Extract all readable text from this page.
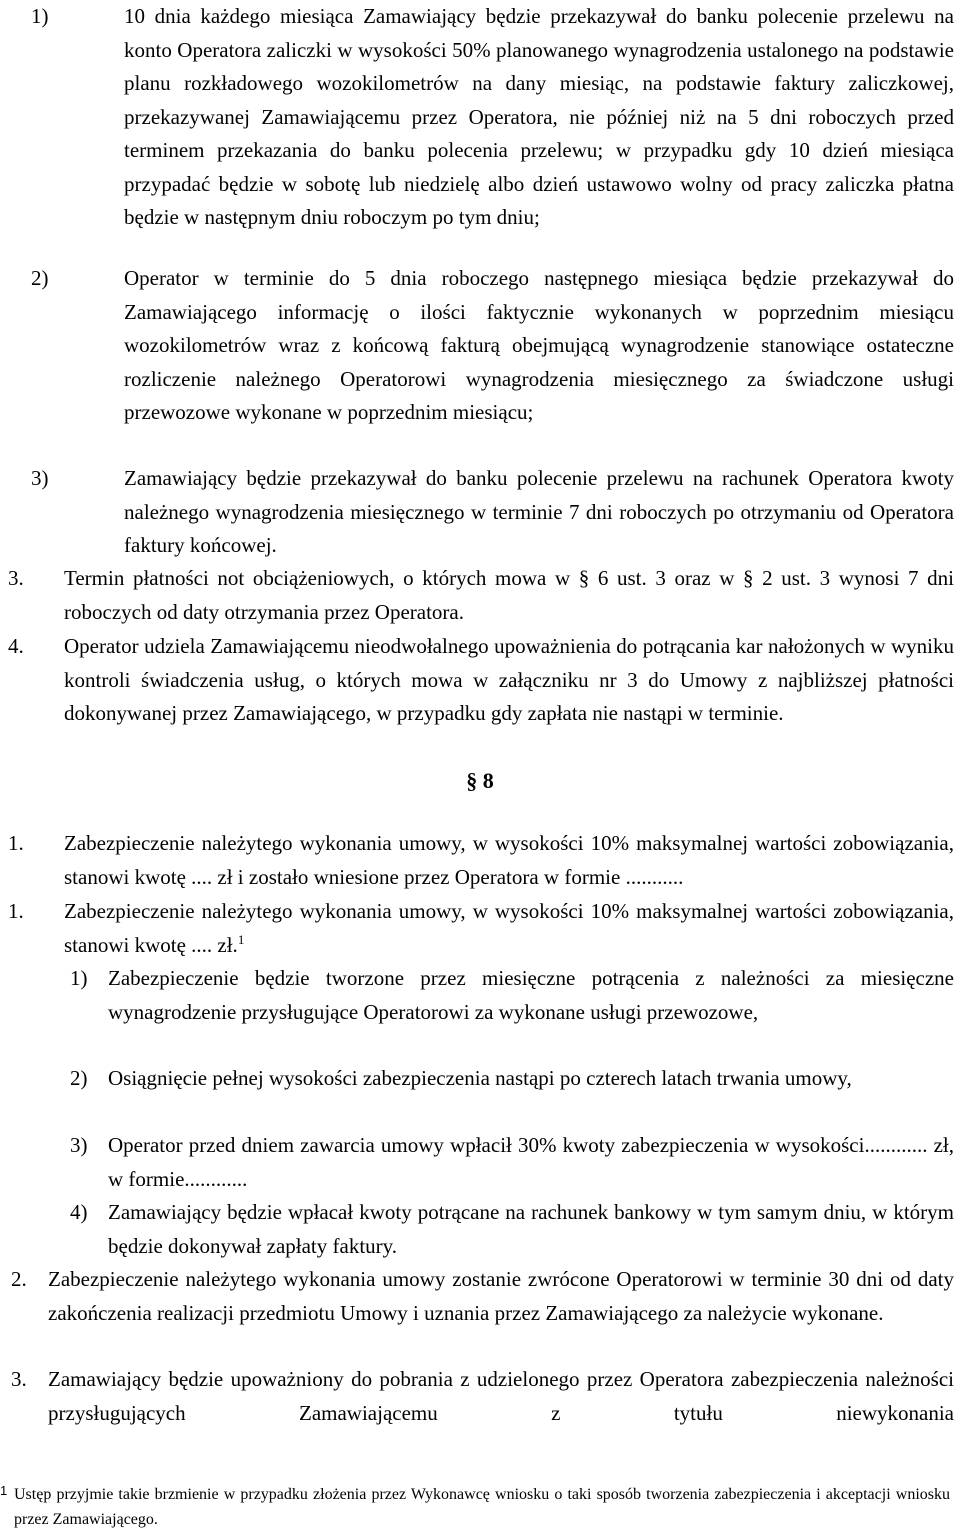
1)	10 dnia każdego miesiąca Zamawiający będzie przekazywał do banku polecenie przelewu na konto Operatora zaliczki w wysokości 50% planowanego wynagrodzenia ustalonego na podstawie planu rozkładowego wozokilometrów na dany miesiąc, na podstawie faktury zaliczkowej, przekazywanej Zamawiającemu przez Operatora, nie później niż na 5 dni roboczych przed terminem przekazania do banku polecenia przelewu; w przypadku gdy 10 dzień miesiąca przypadać będzie w sobotę lub niedzielę albo dzień ustawowo wolny od pracy zaliczka płatna będzie w następnym dniu roboczym po tym dniu;
2)	Operator w terminie do 5 dnia roboczego następnego miesiąca będzie przekazywał do Zamawiającego informację o ilości faktycznie wykonanych w poprzednim miesiącu wozokilometrów wraz z końcową fakturą obejmującą wynagrodzenie stanowiące ostateczne rozliczenie należnego Operatorowi wynagrodzenia miesięcznego za świadczone usługi przewozowe wykonane w poprzednim miesiącu;
3)	Zamawiający będzie przekazywał do banku polecenie przelewu na rachunek Operatora kwoty należnego wynagrodzenia miesięcznego w terminie 7 dni roboczych po otrzymaniu od Operatora faktury końcowej.
3. Termin płatności not obciążeniowych, o których mowa w § 6 ust. 3 oraz w § 2 ust. 3 wynosi 7 dni roboczych od daty otrzymania przez Operatora.
4. Operator udziela Zamawiającemu nieodwołalnego upoważnienia do potrącania kar nałożonych w wyniku kontroli świadczenia usług, o których mowa w załączniku nr 3 do Umowy z najbliższej płatności dokonywanej przez Zamawiającego, w przypadku gdy zapłata nie nastąpi w terminie.
§ 8
1. Zabezpieczenie należytego wykonania umowy, w wysokości 10% maksymalnej wartości zobowiązania, stanowi kwotę .... zł i zostało wniesione przez Operatora w formie ...........
1. Zabezpieczenie należytego wykonania umowy, w wysokości 10% maksymalnej wartości zobowiązania, stanowi kwotę .... zł.$^1$
1) Zabezpieczenie będzie tworzone przez miesięczne potrącenia z należności za miesięczne wynagrodzenie przysługujące Operatorowi za wykonane usługi przewozowe,
2) Osiągnięcie pełnej wysokości zabezpieczenia nastąpi po czterech latach trwania umowy,
3) Operator przed dniem zawarcia umowy wpłacił 30% kwoty zabezpieczenia w wysokości............ zł, w formie............
4) Zamawiający będzie wpłacał kwoty potrącane na rachunek bankowy w tym samym dniu, w którym będzie dokonywał zapłaty faktury.
2. Zabezpieczenie należytego wykonania umowy zostanie zwrócone Operatorowi w terminie 30 dni od daty zakończenia realizacji przedmiotu Umowy i uznania przez Zamawiającego za należycie wykonane.
3. Zamawiający będzie upoważniony do pobrania z udzielonego przez Operatora zabezpieczenia należności przysługujących Zamawiającemu z tytułu niewykonania
1 Ustęp przyjmie takie brzmienie w przypadku złożenia przez Wykonawcę wniosku o taki sposób tworzenia zabezpieczenia i akceptacji wniosku przez Zamawiającego.
